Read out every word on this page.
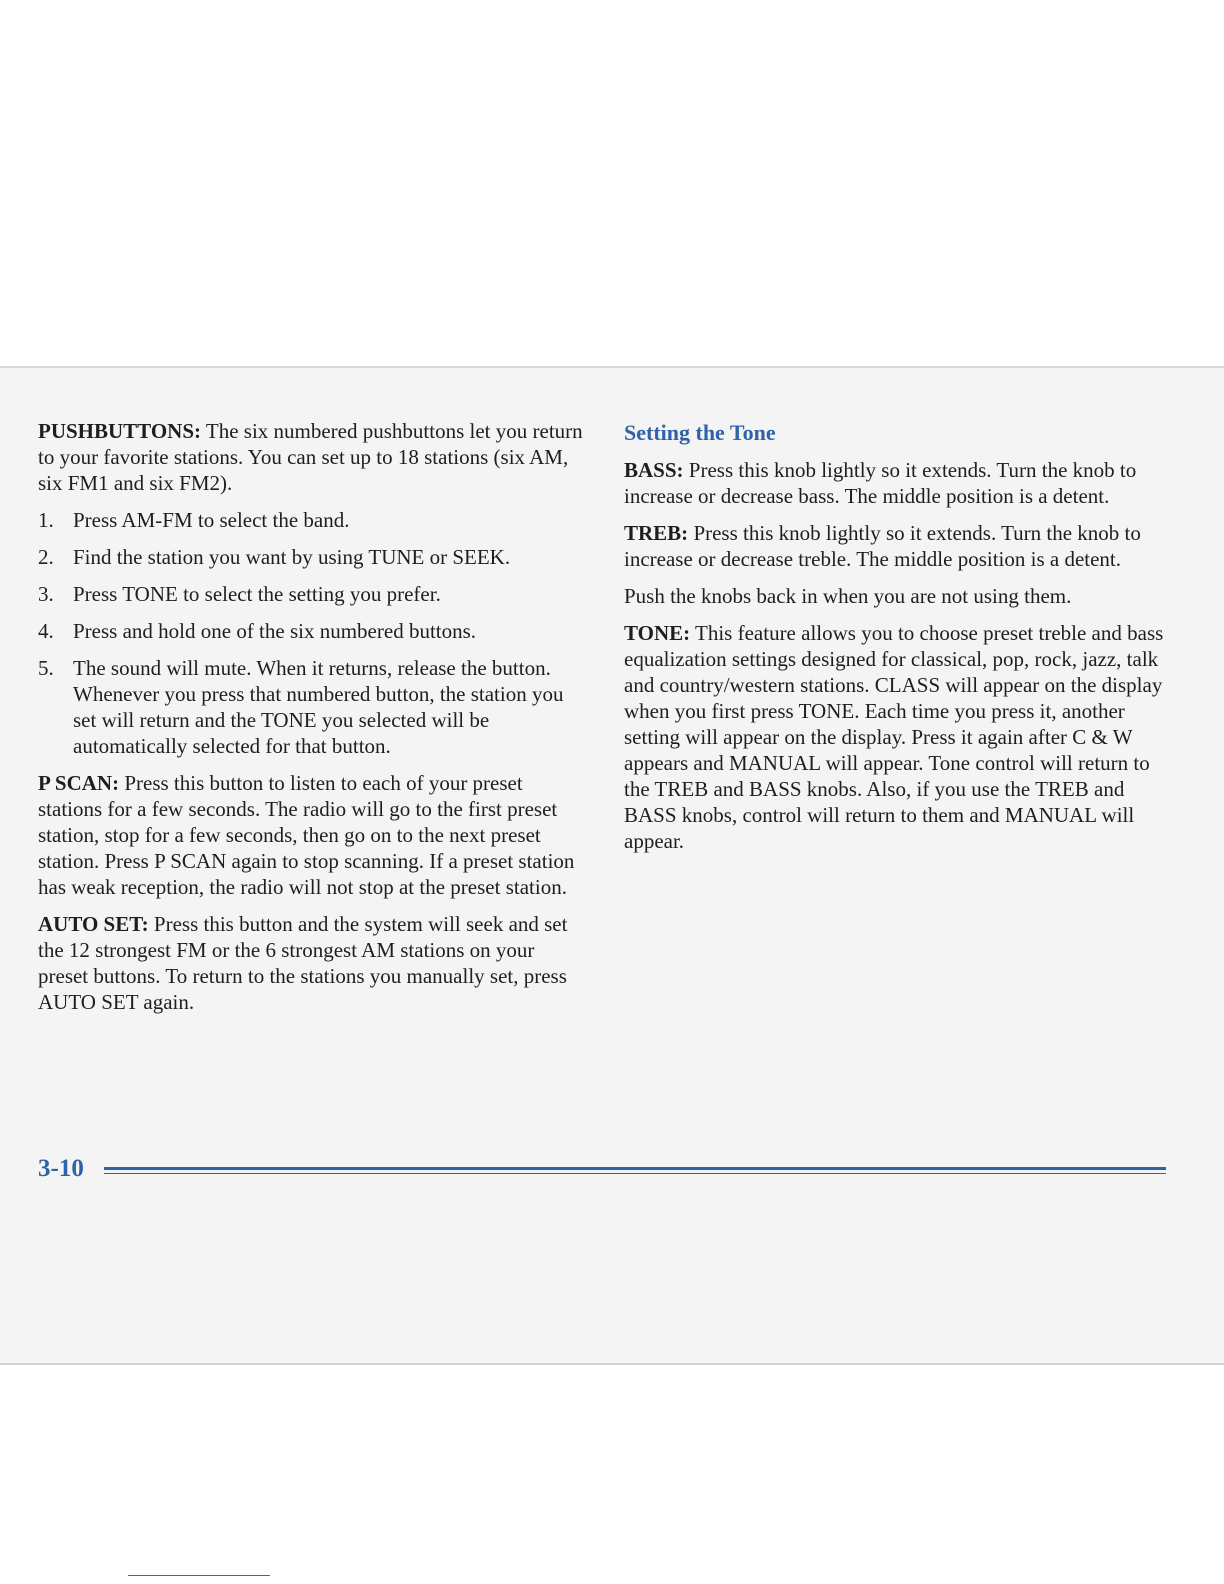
PUSHBUTTONS: The six numbered pushbuttons let you return to your favorite stations. You can set up to 18 stations (six AM, six FM1 and six FM2).

1. Press AM-FM to select the band.
2. Find the station you want by using TUNE or SEEK.
3. Press TONE to select the setting you prefer.
4. Press and hold one of the six numbered buttons.
5. The sound will mute. When it returns, release the button. Whenever you press that numbered button, the station you set will return and the TONE you selected will be automatically selected for that button.

P SCAN: Press this button to listen to each of your preset stations for a few seconds. The radio will go to the first preset station, stop for a few seconds, then go on to the next preset station. Press P SCAN again to stop scanning. If a preset station has weak reception, the radio will not stop at the preset station.

AUTO SET: Press this button and the system will seek and set the 12 strongest FM or the 6 strongest AM stations on your preset buttons. To return to the stations you manually set, press AUTO SET again.

Setting the Tone

BASS: Press this knob lightly so it extends. Turn the knob to increase or decrease bass. The middle position is a detent.

TREB: Press this knob lightly so it extends. Turn the knob to increase or decrease treble. The middle position is a detent.

Push the knobs back in when you are not using them.

TONE: This feature allows you to choose preset treble and bass equalization settings designed for classical, pop, rock, jazz, talk and country/western stations. CLASS will appear on the display when you first press TONE. Each time you press it, another setting will appear on the display. Press it again after C & W appears and MANUAL will appear. Tone control will return to the TREB and BASS knobs. Also, if you use the TREB and BASS knobs, control will return to them and MANUAL will appear.

3-10
